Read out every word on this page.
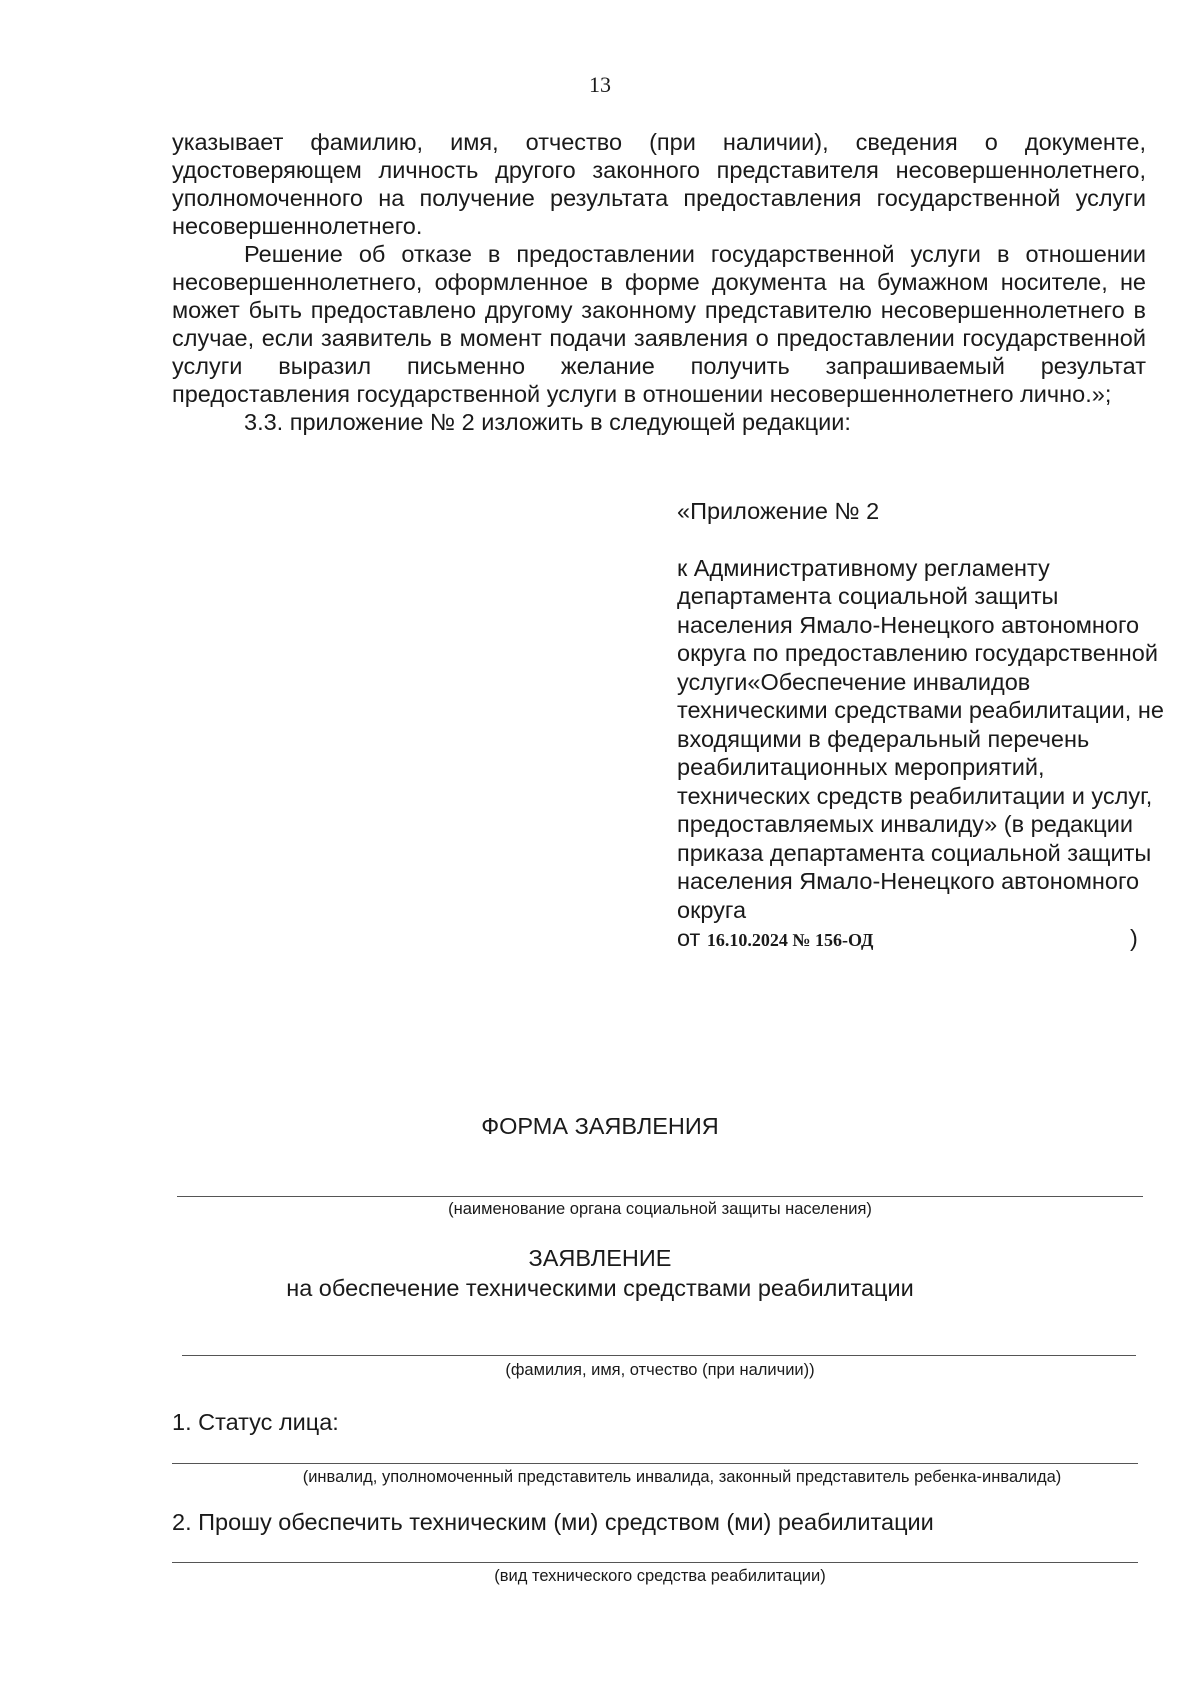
13

указывает фамилию, имя, отчество (при наличии), сведения о документе, удостоверяющем личность другого законного представителя несовершеннолетнего, уполномоченного на получение результата предоставления государственной услуги несовершеннолетнего.

Решение об отказе в предоставлении государственной услуги в отношении несовершеннолетнего, оформленное в форме документа на бумажном носителе, не может быть предоставлено другому законному представителю несовершеннолетнего в случае, если заявитель в момент подачи заявления о предоставлении государственной услуги выразил письменно желание получить запрашиваемый результат предоставления государственной услуги в отношении несовершеннолетнего лично.»;

3.3. приложение № 2 изложить в следующей редакции:

«Приложение № 2

к Административному регламенту департамента социальной защиты населения Ямало-Ненецкого автономного округа по предоставлению государственной услуги«Обеспечение инвалидов техническими средствами реабилитации, не входящими в федеральный перечень реабилитационных мероприятий, технических средств реабилитации и услуг, предоставляемых инвалиду» (в редакции приказа департамента социальной защиты населения Ямало-Ненецкого автономного округа

от 16.10.2024 № 156-ОД	)

ФОРМА ЗАЯВЛЕНИЯ
(наименование органа социальной защиты населения)
ЗАЯВЛЕНИЕ
на обеспечение техническими средствами реабилитации
(фамилия, имя, отчество (при наличии))
1. Статус лица:
(инвалид, уполномоченный представитель инвалида, законный представитель ребенка-инвалида)
2. Прошу обеспечить техническим (ми) средством (ми) реабилитации
(вид технического средства реабилитации)
